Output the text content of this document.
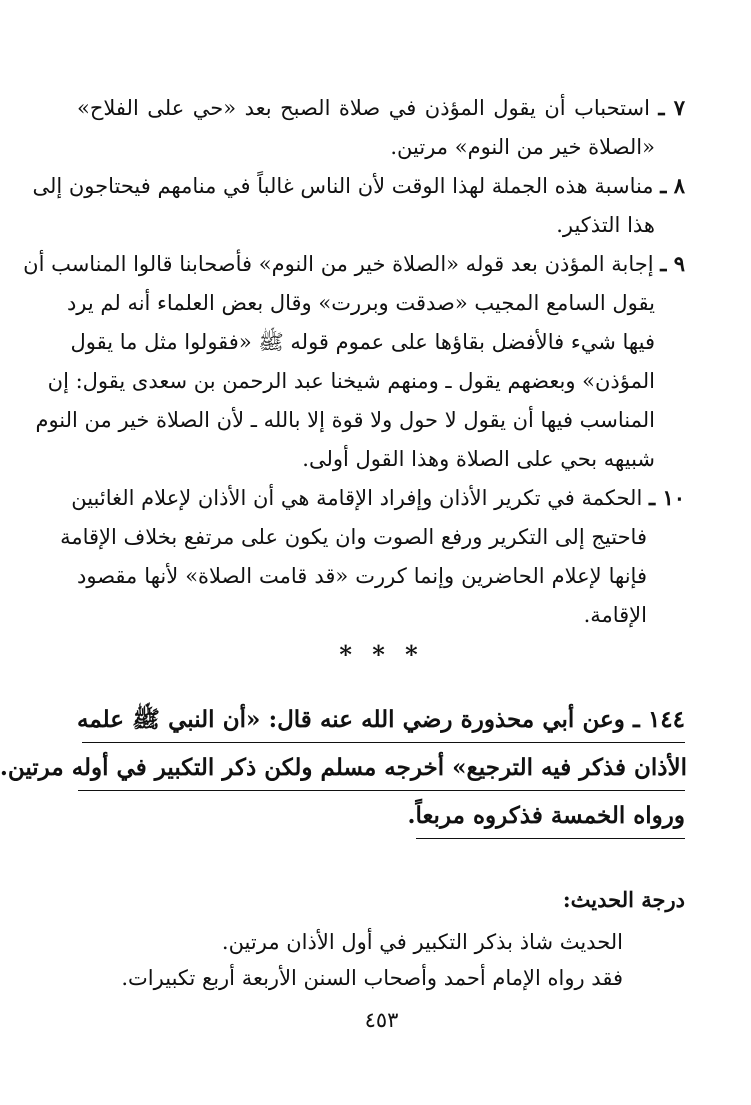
٧ ـ استحباب أن يقول المؤذن في صلاة الصبح بعد «حي على الفلاح»
«الصلاة خير من النوم» مرتين.
٨ ـ مناسبة هذه الجملة لهذا الوقت لأن الناس غالباً في منامهم فيحتاجون إلى
هذا التذكير.
٩ ـ إجابة المؤذن بعد قوله «الصلاة خير من النوم» فأصحابنا قالوا المناسب أن
يقول السامع المجيب «صدقت وبررت» وقال بعض العلماء أنه لم يرد
فيها شيء فالأفضل بقاؤها على عموم قوله ﷺ «فقولوا مثل ما يقول
المؤذن» وبعضهم يقول ـ ومنهم شيخنا عبد الرحمن بن سعدى يقول: إن
المناسب فيها أن يقول لا حول ولا قوة إلا بالله ـ لأن الصلاة خير من النوم
شبيهه بحي على الصلاة وهذا القول أولى.
١٠ ـ الحكمة في تكرير الأذان وإفراد الإقامة هي أن الأذان لإعلام الغائبين
فاحتيج إلى التكرير ورفع الصوت وان يكون على مرتفع بخلاف الإقامة
فإنها لإعلام الحاضرين وإنما كررت «قد قامت الصلاة» لأنها مقصود
الإقامة.
* * *
١٤٤ ـ وعن أبي محذورة رضي الله عنه قال: «أن النبي ﷺ علمه
الأذان فذكر فيه الترجيع» أخرجه مسلم ولكن ذكر التكبير في أوله مرتين.
ورواه الخمسة فذكروه مربعاً.
درجة الحديث:
الحديث شاذ بذكر التكبير في أول الأذان مرتين.
فقد رواه الإمام أحمد وأصحاب السنن الأربعة أربع تكبيرات.
٤٥٣
